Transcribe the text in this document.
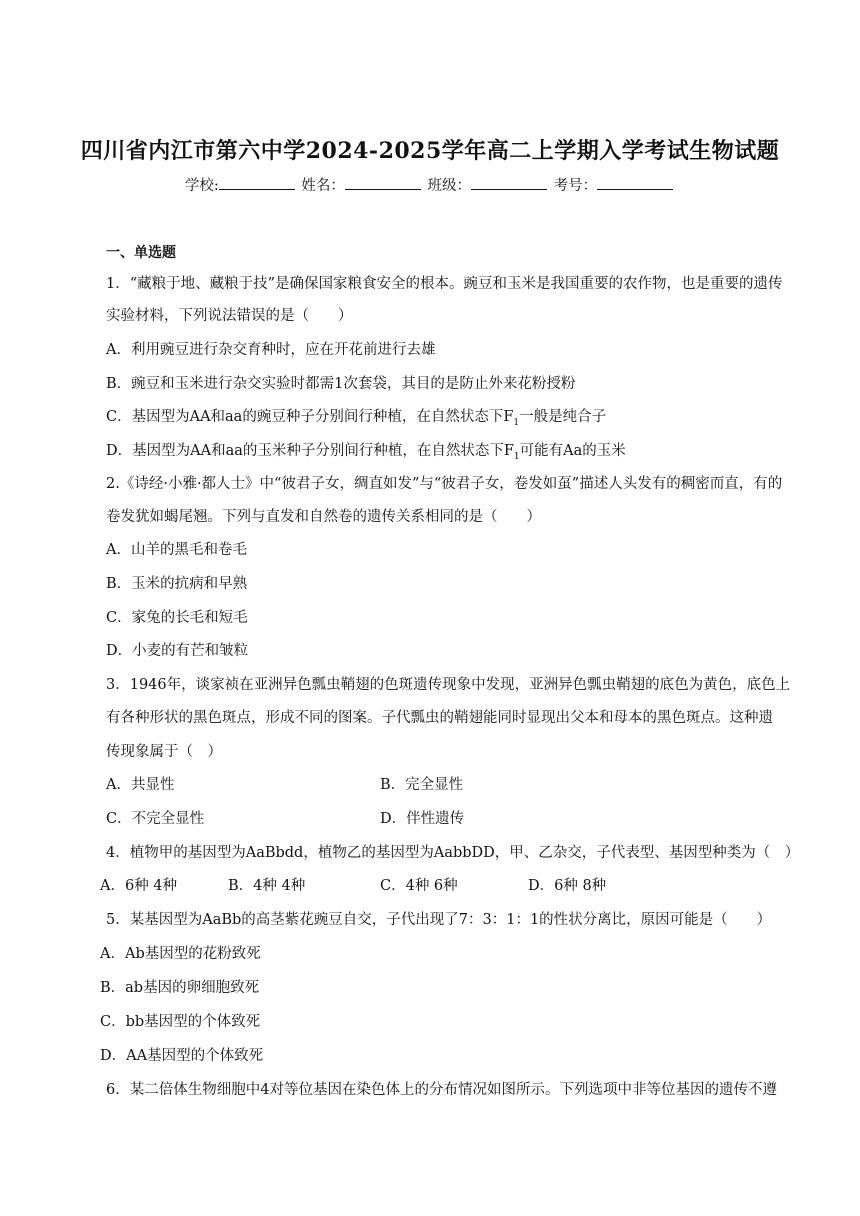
四川省内江市第六中学2024-2025学年高二上学期入学考试生物试题
学校:	姓名：	班级：	考号：
一、单选题
1．“藏粮于地、藏粮于技”是确保国家粮食安全的根本。豌豆和玉米是我国重要的农作物，也是重要的遗传
实验材料，下列说法错误的是（　　）
A．利用豌豆进行杂交育种时，应在开花前进行去雄
B．豌豆和玉米进行杂交实验时都需1次套袋，其目的是防止外来花粉授粉
C．基因型为AA和aa的豌豆种子分别间行种植，在自然状态下$F_1$一般是纯合子
D．基因型为AA和aa的玉米种子分别间行种植，在自然状态下$F_1$可能有Aa的玉米
2.《诗经·小雅·都人士》中“彼君子女，绸直如发”与“彼君子女，卷发如虿”描述人头发有的稠密而直，有的
卷发犹如蝎尾翘。下列与直发和自然卷的遗传关系相同的是（　　）
A．山羊的黑毛和卷毛
B．玉米的抗病和早熟
C．家兔的长毛和短毛
D．小麦的有芒和皱粒
3．1946年，谈家祯在亚洲异色瓢虫鞘翅的色斑遗传现象中发现，亚洲异色瓢虫鞘翅的底色为黄色，底色上
有各种形状的黑色斑点，形成不同的图案。子代瓢虫的鞘翅能同时显现出父本和母本的黑色斑点。这种遗
传现象属于（　）
A．共显性	B．完全显性
C．不完全显性	D．伴性遗传
4．植物甲的基因型为AaBbdd，植物乙的基因型为AabbDD，甲、乙杂交，子代表型、基因型种类为（　）
A．6种 4种	B．4种 4种	C．4种 6种	D．6种 8种
5．某基因型为AaBb的高茎紫花豌豆自交，子代出现了7：3：1：1的性状分离比，原因可能是（　　）
A．Ab基因型的花粉致死
B．ab基因的卵细胞致死
C．bb基因型的个体致死
D．AA基因型的个体致死
6．某二倍体生物细胞中4对等位基因在染色体上的分布情况如图所示。下列选项中非等位基因的遗传不遵
